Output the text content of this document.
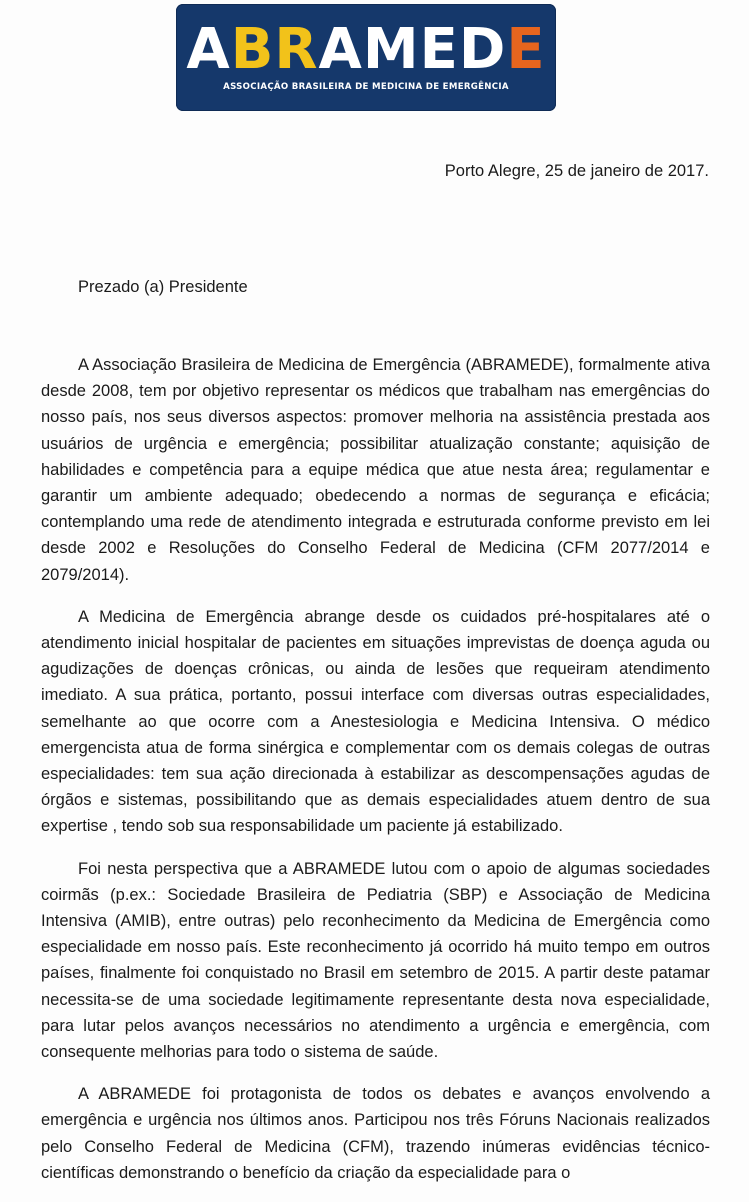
ABRAMEDE
ASSOCIAÇÃO BRASILEIRA DE MEDICINA DE EMERGÊNCIA
Porto Alegre, 25 de janeiro de 2017.
Prezado (a) Presidente

A Associação Brasileira de Medicina de Emergência (ABRAMEDE), formalmente ativa desde 2008, tem por objetivo representar os médicos que trabalham nas emergências do nosso país, nos seus diversos aspectos: promover melhoria na assistência prestada aos usuários de urgência e emergência; possibilitar atualização constante; aquisição de habilidades e competência para a equipe médica que atue nesta área; regulamentar e garantir um ambiente adequado; obedecendo a normas de segurança e eficácia; contemplando uma rede de atendimento integrada e estruturada conforme previsto em lei desde 2002 e Resoluções do Conselho Federal de Medicina (CFM 2077/2014 e 2079/2014).

A Medicina de Emergência abrange desde os cuidados pré-hospitalares até o atendimento inicial hospitalar de pacientes em situações imprevistas de doença aguda ou agudizações de doenças crônicas, ou ainda de lesões que requeiram atendimento imediato. A sua prática, portanto, possui interface com diversas outras especialidades, semelhante ao que ocorre com a Anestesiologia e Medicina Intensiva. O médico emergencista atua de forma sinérgica e complementar com os demais colegas de outras especialidades: tem sua ação direcionada à estabilizar as descompensações agudas de órgãos e sistemas, possibilitando que as demais especialidades atuem dentro de sua expertise , tendo sob sua responsabilidade um paciente já estabilizado.

Foi nesta perspectiva que a ABRAMEDE lutou com o apoio de algumas sociedades coirmãs (p.ex.: Sociedade Brasileira de Pediatria (SBP) e Associação de Medicina Intensiva (AMIB), entre outras) pelo reconhecimento da Medicina de Emergência como especialidade em nosso país. Este reconhecimento já ocorrido há muito tempo em outros países, finalmente foi conquistado no Brasil em setembro de 2015. A partir deste patamar necessita-se de uma sociedade legitimamente representante desta nova especialidade, para lutar pelos avanços necessários no atendimento a urgência e emergência, com consequente melhorias para todo o sistema de saúde.

A ABRAMEDE foi protagonista de todos os debates e avanços envolvendo a emergência e urgência nos últimos anos. Participou nos três Fóruns Nacionais realizados pelo Conselho Federal de Medicina (CFM), trazendo inúmeras evidências técnico-científicas demonstrando o benefício da criação da especialidade para o
